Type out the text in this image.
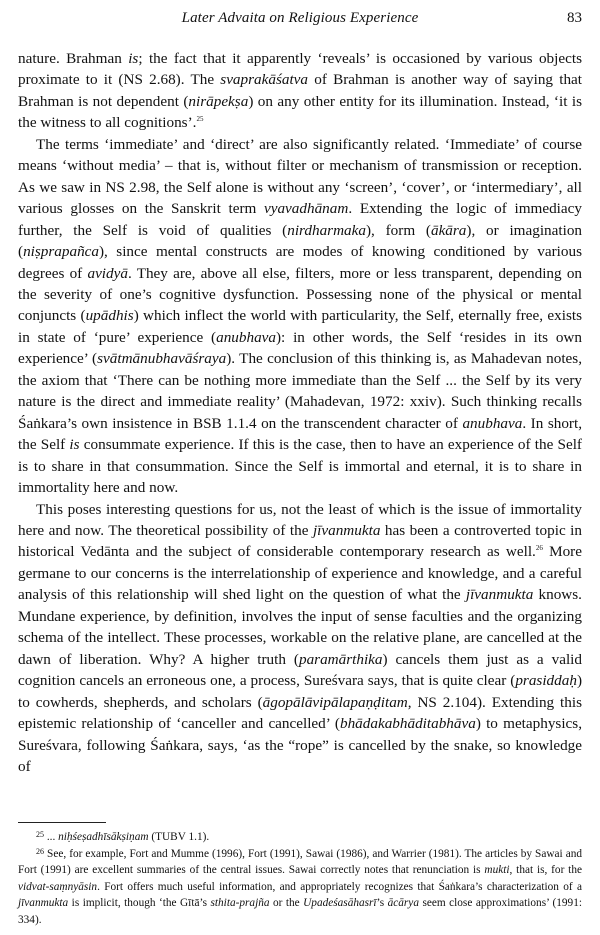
Later Advaita on Religious Experience	83

nature. Brahman is; the fact that it apparently ‘reveals’ is occasioned by various objects proximate to it (NS 2.68). The svaprakāśatva of Brahman is another way of saying that Brahman is not dependent (nirāpekṣa) on any other entity for its illumination. Instead, ‘it is the witness to all cognitions’.$^{25}$

The terms ‘immediate’ and ‘direct’ are also significantly related. ‘Immediate’ of course means ‘without media’ – that is, without filter or mechanism of transmission or reception. As we saw in NS 2.98, the Self alone is without any ‘screen’, ‘cover’, or ‘intermediary’, all various glosses on the Sanskrit term vyavadhānam. Extending the logic of immediacy further, the Self is void of qualities (nirdharmaka), form (ākāra), or imagination (niṣprapañca), since mental constructs are modes of knowing conditioned by various degrees of avidyā. They are, above all else, filters, more or less transparent, depending on the severity of one’s cognitive dysfunction. Possessing none of the physical or mental conjuncts (upādhis) which inflect the world with particularity, the Self, eternally free, exists in state of ‘pure’ experience (anubhava): in other words, the Self ‘resides in its own experience’ (svātmānubhavāśraya). The conclusion of this thinking is, as Mahadevan notes, the axiom that ‘There can be nothing more immediate than the Self ... the Self by its very nature is the direct and immediate reality’ (Mahadevan, 1972: xxiv). Such thinking recalls Śaṅkara’s own insistence in BSB 1.1.4 on the transcendent character of anubhava. In short, the Self is consummate experience. If this is the case, then to have an experience of the Self is to share in that consummation. Since the Self is immortal and eternal, it is to share in immortality here and now.

This poses interesting questions for us, not the least of which is the issue of immortality here and now. The theoretical possibility of the jīvanmukta has been a controverted topic in historical Vedānta and the subject of considerable contemporary research as well.$^{26}$ More germane to our concerns is the interrelationship of experience and knowledge, and a careful analysis of this relationship will shed light on the question of what the jīvanmukta knows. Mundane experience, by definition, involves the input of sense faculties and the organizing schema of the intellect. These processes, workable on the relative plane, are cancelled at the dawn of liberation. Why? A higher truth (paramārthika) cancels them just as a valid cognition cancels an erroneous one, a process, Sureśvara says, that is quite clear (prasiddaḥ) to cowherds, shepherds, and scholars (āgopālāvipālapaṇḍitam, NS 2.104). Extending this epistemic relationship of ‘canceller and cancelled’ (bhādakabhāditabhāva) to metaphysics, Sureśvara, following Śaṅkara, says, ‘as the “rope” is cancelled by the snake, so knowledge of

$^{25}$ ... niḥśeṣadhīsākṣiṇam (TUBV 1.1).

$^{26}$ See, for example, Fort and Mumme (1996), Fort (1991), Sawai (1986), and Warrier (1981). The articles by Sawai and Fort (1991) are excellent summaries of the central issues. Sawai correctly notes that renunciation is mukti, that is, for the vidvat-saṃnyāsin. Fort offers much useful information, and appropriately recognizes that Śaṅkara’s characterization of a jīvanmukta is implicit, though ‘the Gītā’s sthita-prajña or the Upadeśasāhasrī’s ācārya seem close approximations’ (1991: 334).
